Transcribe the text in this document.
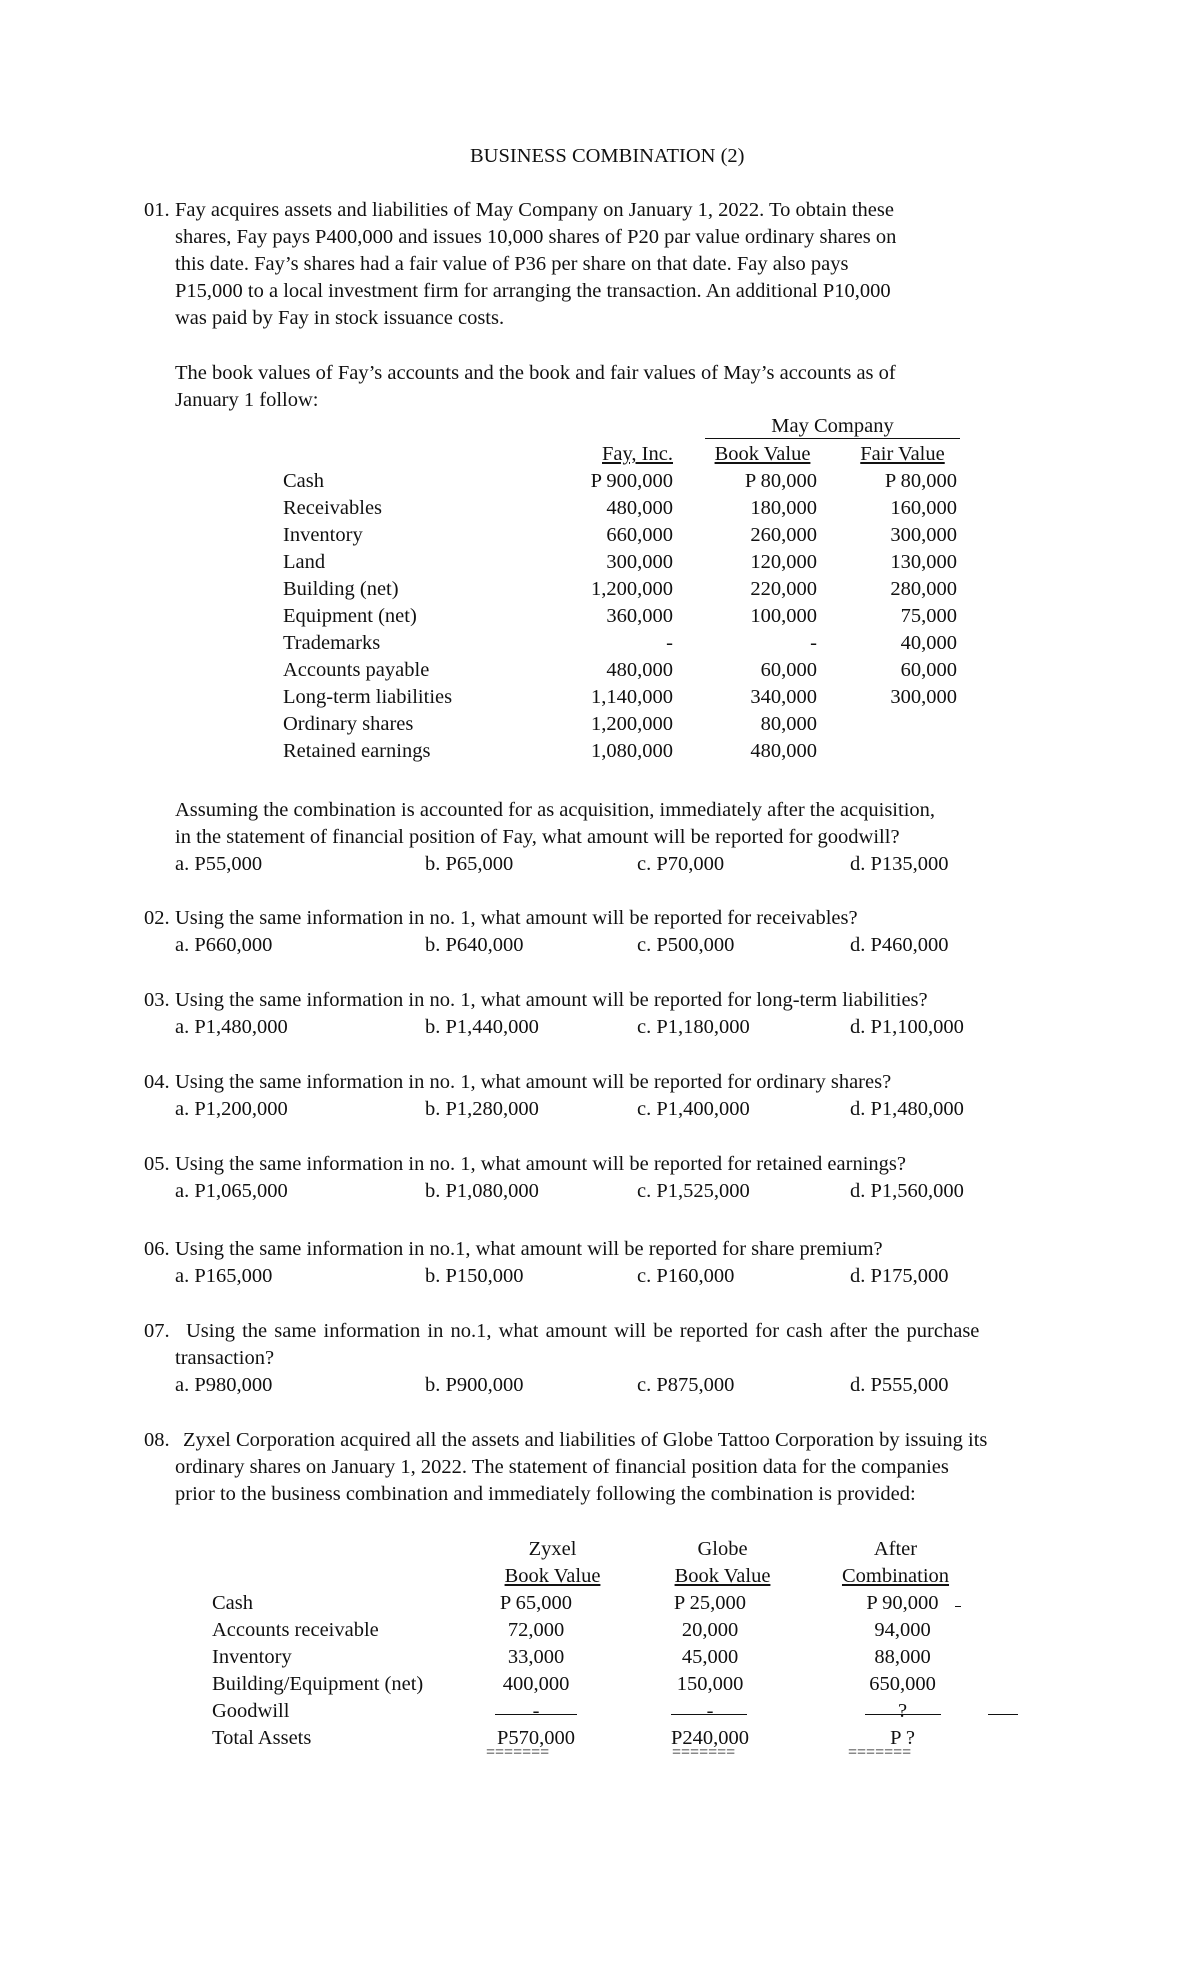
BUSINESS COMBINATION (2)
01. Fay acquires assets and liabilities of May Company on January 1, 2022. To obtain these
shares, Fay pays P400,000 and issues 10,000 shares of P20 par value ordinary shares on
this date. Fay’s shares had a fair value of P36 per share on that date. Fay also pays
P15,000 to a local investment firm for arranging the transaction. An additional P10,000
was paid by Fay in stock issuance costs.
The book values of Fay’s accounts and the book and fair values of May’s accounts as of
January 1 follow:
May Company
Fay, Inc.	Book Value	Fair Value
Cash	P 900,000	P 80,000	P 80,000
Receivables	480,000	180,000	160,000
Inventory	660,000	260,000	300,000
Land	300,000	120,000	130,000
Building (net)	1,200,000	220,000	280,000
Equipment (net)	360,000	100,000	75,000
Trademarks	-	-	40,000
Accounts payable	480,000	60,000	60,000
Long-term liabilities	1,140,000	340,000	300,000
Ordinary shares	1,200,000	80,000
Retained earnings	1,080,000	480,000
Assuming the combination is accounted for as acquisition, immediately after the acquisition,
in the statement of financial position of Fay, what amount will be reported for goodwill?
a. P55,000	b. P65,000	c. P70,000	d. P135,000
02. Using the same information in no. 1, what amount will be reported for receivables?
a. P660,000	b. P640,000	c. P500,000	d. P460,000
03. Using the same information in no. 1, what amount will be reported for long-term liabilities?
a. P1,480,000	b. P1,440,000	c. P1,180,000	d. P1,100,000
04. Using the same information in no. 1, what amount will be reported for ordinary shares?
a. P1,200,000	b. P1,280,000	c. P1,400,000	d. P1,480,000
05. Using the same information in no. 1, what amount will be reported for retained earnings?
a. P1,065,000	b. P1,080,000	c. P1,525,000	d. P1,560,000
06. Using the same information in no.1, what amount will be reported for share premium?
a. P165,000	b. P150,000	c. P160,000	d. P175,000
07. Using the same information in no.1, what amount will be reported for cash after the purchase
transaction?
a. P980,000	b. P900,000	c. P875,000	d. P555,000
08. Zyxel Corporation acquired all the assets and liabilities of Globe Tattoo Corporation by issuing its
ordinary shares on January 1, 2022. The statement of financial position data for the companies
prior to the business combination and immediately following the combination is provided:
Zyxel	Globe	After
Book Value	Book Value	Combination
Cash	P 65,000	P 25,000	P 90,000
Accounts receivable	72,000	20,000	94,000
Inventory	33,000	45,000	88,000
Building/Equipment (net)	400,000	150,000	650,000
Goodwill	-	-	?
Total Assets	P570,000	P240,000	P ?
=======	=======	=======
